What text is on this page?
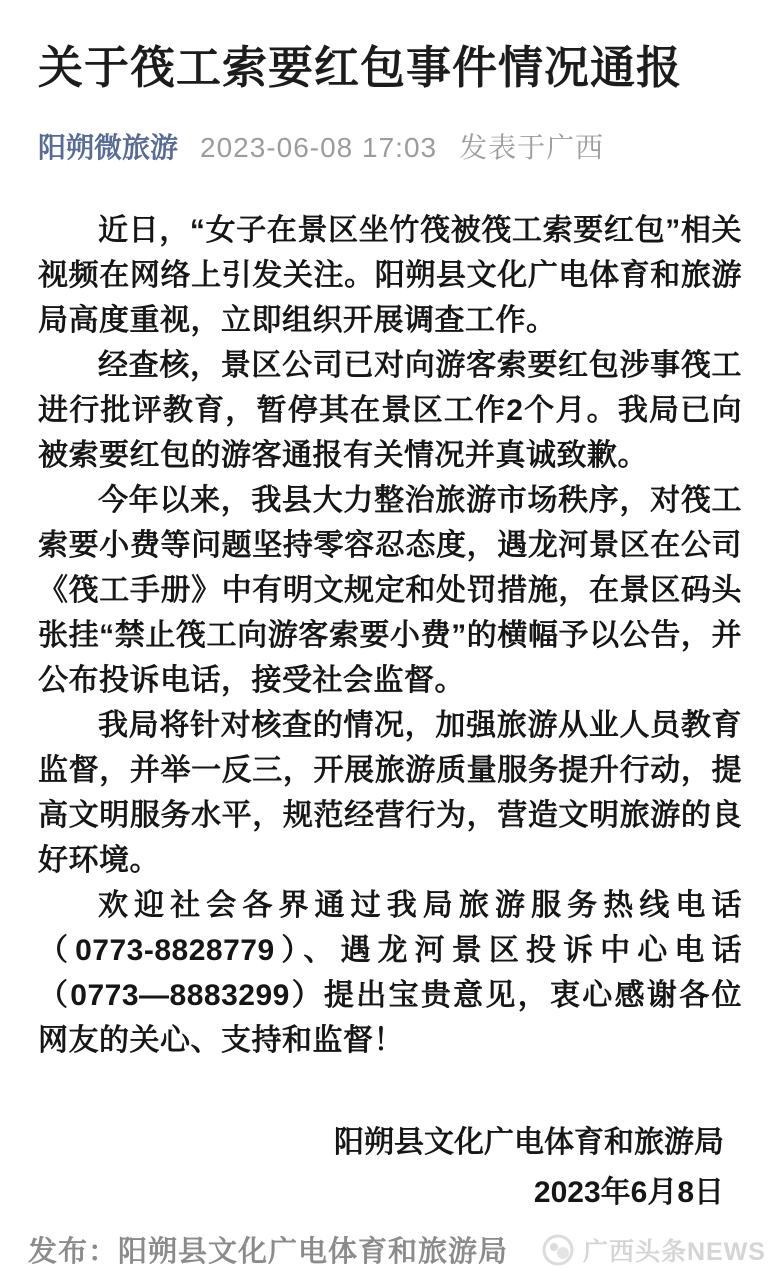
关于筏工索要红包事件情况通报
阳朔微旅游 2023-06-08 17:03 发表于广西

近日，“女子在景区坐竹筏被筏工索要红包”相关视频在网络上引发关注。阳朔县文化广电体育和旅游局高度重视，立即组织开展调查工作。

经查核，景区公司已对向游客索要红包涉事筏工进行批评教育，暂停其在景区工作2个月。我局已向被索要红包的游客通报有关情况并真诚致歉。

今年以来，我县大力整治旅游市场秩序，对筏工索要小费等问题坚持零容忍态度，遇龙河景区在公司《筏工手册》中有明文规定和处罚措施，在景区码头张挂“禁止筏工向游客索要小费”的横幅予以公告，并公布投诉电话，接受社会监督。

我局将针对核查的情况，加强旅游从业人员教育监督，并举一反三，开展旅游质量服务提升行动，提高文明服务水平，规范经营行为，营造文明旅游的良好环境。

欢迎社会各界通过我局旅游服务热线电话（0773-8828779）、遇龙河景区投诉中心电话（0773—8883299）提出宝贵意见，衷心感谢各位网友的关心、支持和监督！

阳朔县文化广电体育和旅游局
2023年6月8日
发布：阳朔县文化广电体育和旅游局	广西头条NEWS
